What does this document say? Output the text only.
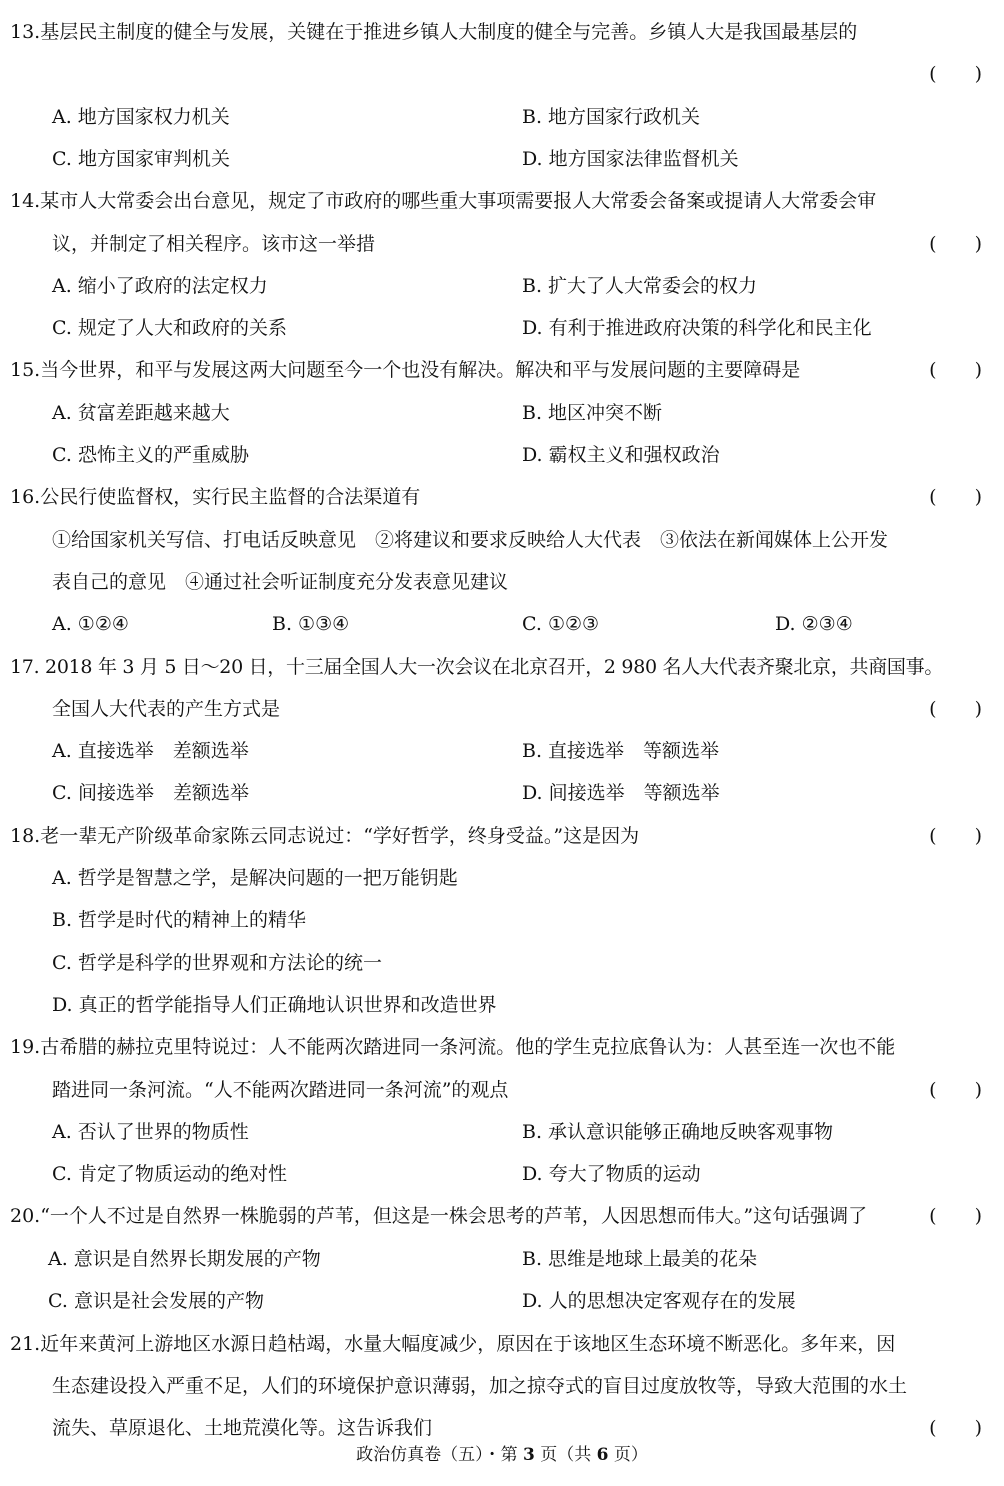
13.基层民主制度的健全与发展，关键在于推进乡镇人大制度的健全与完善。乡镇人大是我国最基层的
(　　)
A. 地方国家权力机关	B. 地方国家行政机关
C. 地方国家审判机关	D. 地方国家法律监督机关
14.某市人大常委会出台意见，规定了市政府的哪些重大事项需要报人大常委会备案或提请人大常委会审
议，并制定了相关程序。该市这一举措	(　　)
A. 缩小了政府的法定权力	B. 扩大了人大常委会的权力
C. 规定了人大和政府的关系	D. 有利于推进政府决策的科学化和民主化
15.当今世界，和平与发展这两大问题至今一个也没有解决。解决和平与发展问题的主要障碍是	(　　)
A. 贫富差距越来越大	B. 地区冲突不断
C. 恐怖主义的严重威胁	D. 霸权主义和强权政治
16.公民行使监督权，实行民主监督的合法渠道有	(　　)
①给国家机关写信、打电话反映意见　②将建议和要求反映给人大代表　③依法在新闻媒体上公开发
表自己的意见　④通过社会听证制度充分发表意见建议
A. ①②④	B. ①③④	C. ①②③	D. ②③④
17. 2018 年 3 月 5 日～20 日，十三届全国人大一次会议在北京召开，2 980 名人大代表齐聚北京，共商国事。
全国人大代表的产生方式是	(　　)
A. 直接选举　差额选举	B. 直接选举　等额选举
C. 间接选举　差额选举	D. 间接选举　等额选举
18.老一辈无产阶级革命家陈云同志说过：“学好哲学，终身受益。”这是因为	(　　)
A. 哲学是智慧之学，是解决问题的一把万能钥匙
B. 哲学是时代的精神上的精华
C. 哲学是科学的世界观和方法论的统一
D. 真正的哲学能指导人们正确地认识世界和改造世界
19.古希腊的赫拉克里特说过：人不能两次踏进同一条河流。他的学生克拉底鲁认为：人甚至连一次也不能
踏进同一条河流。“人不能两次踏进同一条河流”的观点	(　　)
A. 否认了世界的物质性	B. 承认意识能够正确地反映客观事物
C. 肯定了物质运动的绝对性	D. 夸大了物质的运动
20.“一个人不过是自然界一株脆弱的芦苇，但这是一株会思考的芦苇，人因思想而伟大。”这句话强调了	(　　)
A. 意识是自然界长期发展的产物	B. 思维是地球上最美的花朵
C. 意识是社会发展的产物	D. 人的思想决定客观存在的发展
21.近年来黄河上游地区水源日趋枯竭，水量大幅度减少，原因在于该地区生态环境不断恶化。多年来，因
生态建设投入严重不足，人们的环境保护意识薄弱，加之掠夺式的盲目过度放牧等，导致大范围的水土
流失、草原退化、土地荒漠化等。这告诉我们	(　　)
政治仿真卷（五）・第 3 页（共 6 页）
